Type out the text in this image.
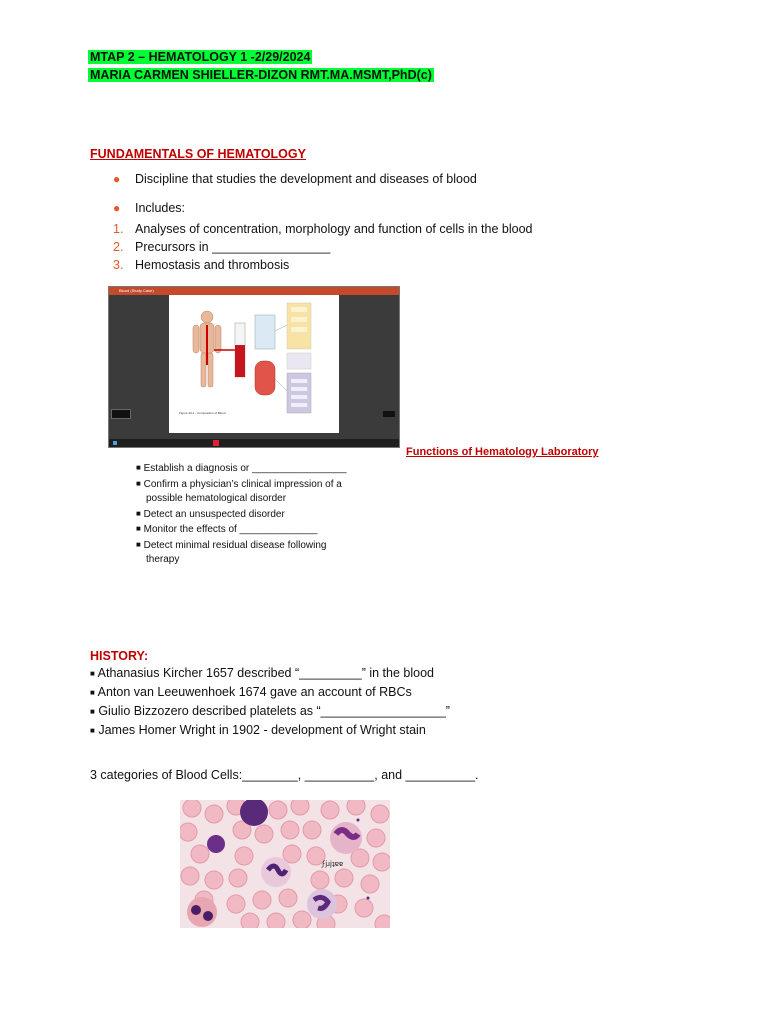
MTAP 2 – HEMATOLOGY 1 -2/29/2024
MARIA CARMEN SHIELLER-DIZON RMT.MA.MSMT,PhD(c)
FUNDAMENTALS OF HEMATOLOGY
● Discipline that studies the development and diseases of blood
● Includes:
1. Analyses of concentration, morphology and function of cells in the blood
2. Precursors in _________________
3. Hemostasis and thrombosis
$^{Blood (Study Case)}$
Figure 33-1 - Composition of Blood
Functions of Hematology Laboratory
■ Establish a diagnosis or _________________
■ Confirm a physician’s clinical impression of a
possible hematological disorder
■ Detect an unsuspected disorder
■ Monitor the effects of ______________
■ Detect minimal residual disease following
therapy
HISTORY:
■ Athanasius Kircher 1657 described “_________” in the blood
■ Anton van Leeuwenhoek 1674 gave an account of RBCs
■ Giulio Bizzozero described platelets as “__________________”
■ James Homer Wright in 1902 - development of Wright stain
3 categories of Blood Cells:________, __________, and __________.
ϝϳɹϳʇɐɐ
